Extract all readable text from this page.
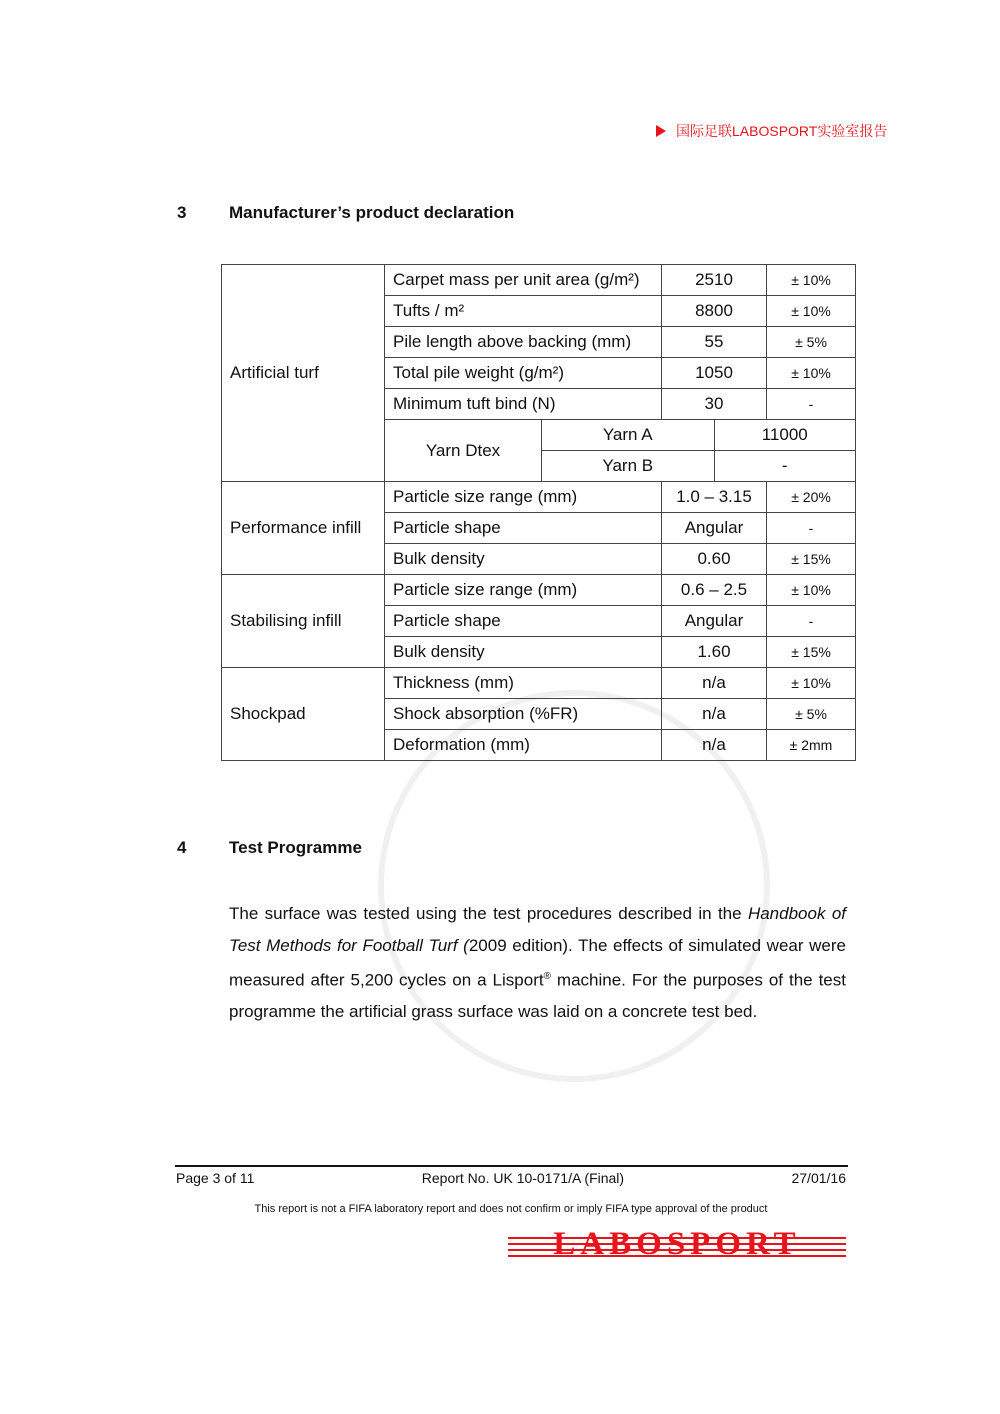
国际足联LABOSPORT实验室报告
3	Manufacturer’s product declaration
Artificial turf	Carpet mass per unit area (g/m²)		2510		± 10%
	Tufts / m²		8800		± 10%
	Pile length above backing (mm)		55		± 5%
	Total pile weight (g/m²)		1050		± 10%
	Minimum tuft bind (N)		30		-
	Yarn Dtex	Yarn A		11000	
		Yarn B		-	
Performance infill	Particle size range (mm)		1.0 – 3.15		± 20%
	Particle shape		Angular		-
	Bulk density		0.60		± 15%
Stabilising infill	Particle size range (mm)		0.6 – 2.5		± 10%
	Particle shape		Angular		-
	Bulk density		1.60		± 15%
Shockpad	Thickness (mm)		n/a		± 10%
	Shock absorption (%FR)		n/a		± 5%
	Deformation (mm)		n/a		± 2mm
4	Test Programme
The surface was tested using the test procedures described in the Handbook of Test Methods for Football Turf (2009 edition). The effects of simulated wear were measured after 5,200 cycles on a Lisport® machine. For the purposes of the test programme the artificial grass surface was laid on a concrete test bed.
Page 3 of 11	Report No. UK 10-0171/A (Final)	27/01/16
This report is not a FIFA laboratory report and does not confirm or imply FIFA type approval of the product
LABOSPORT
